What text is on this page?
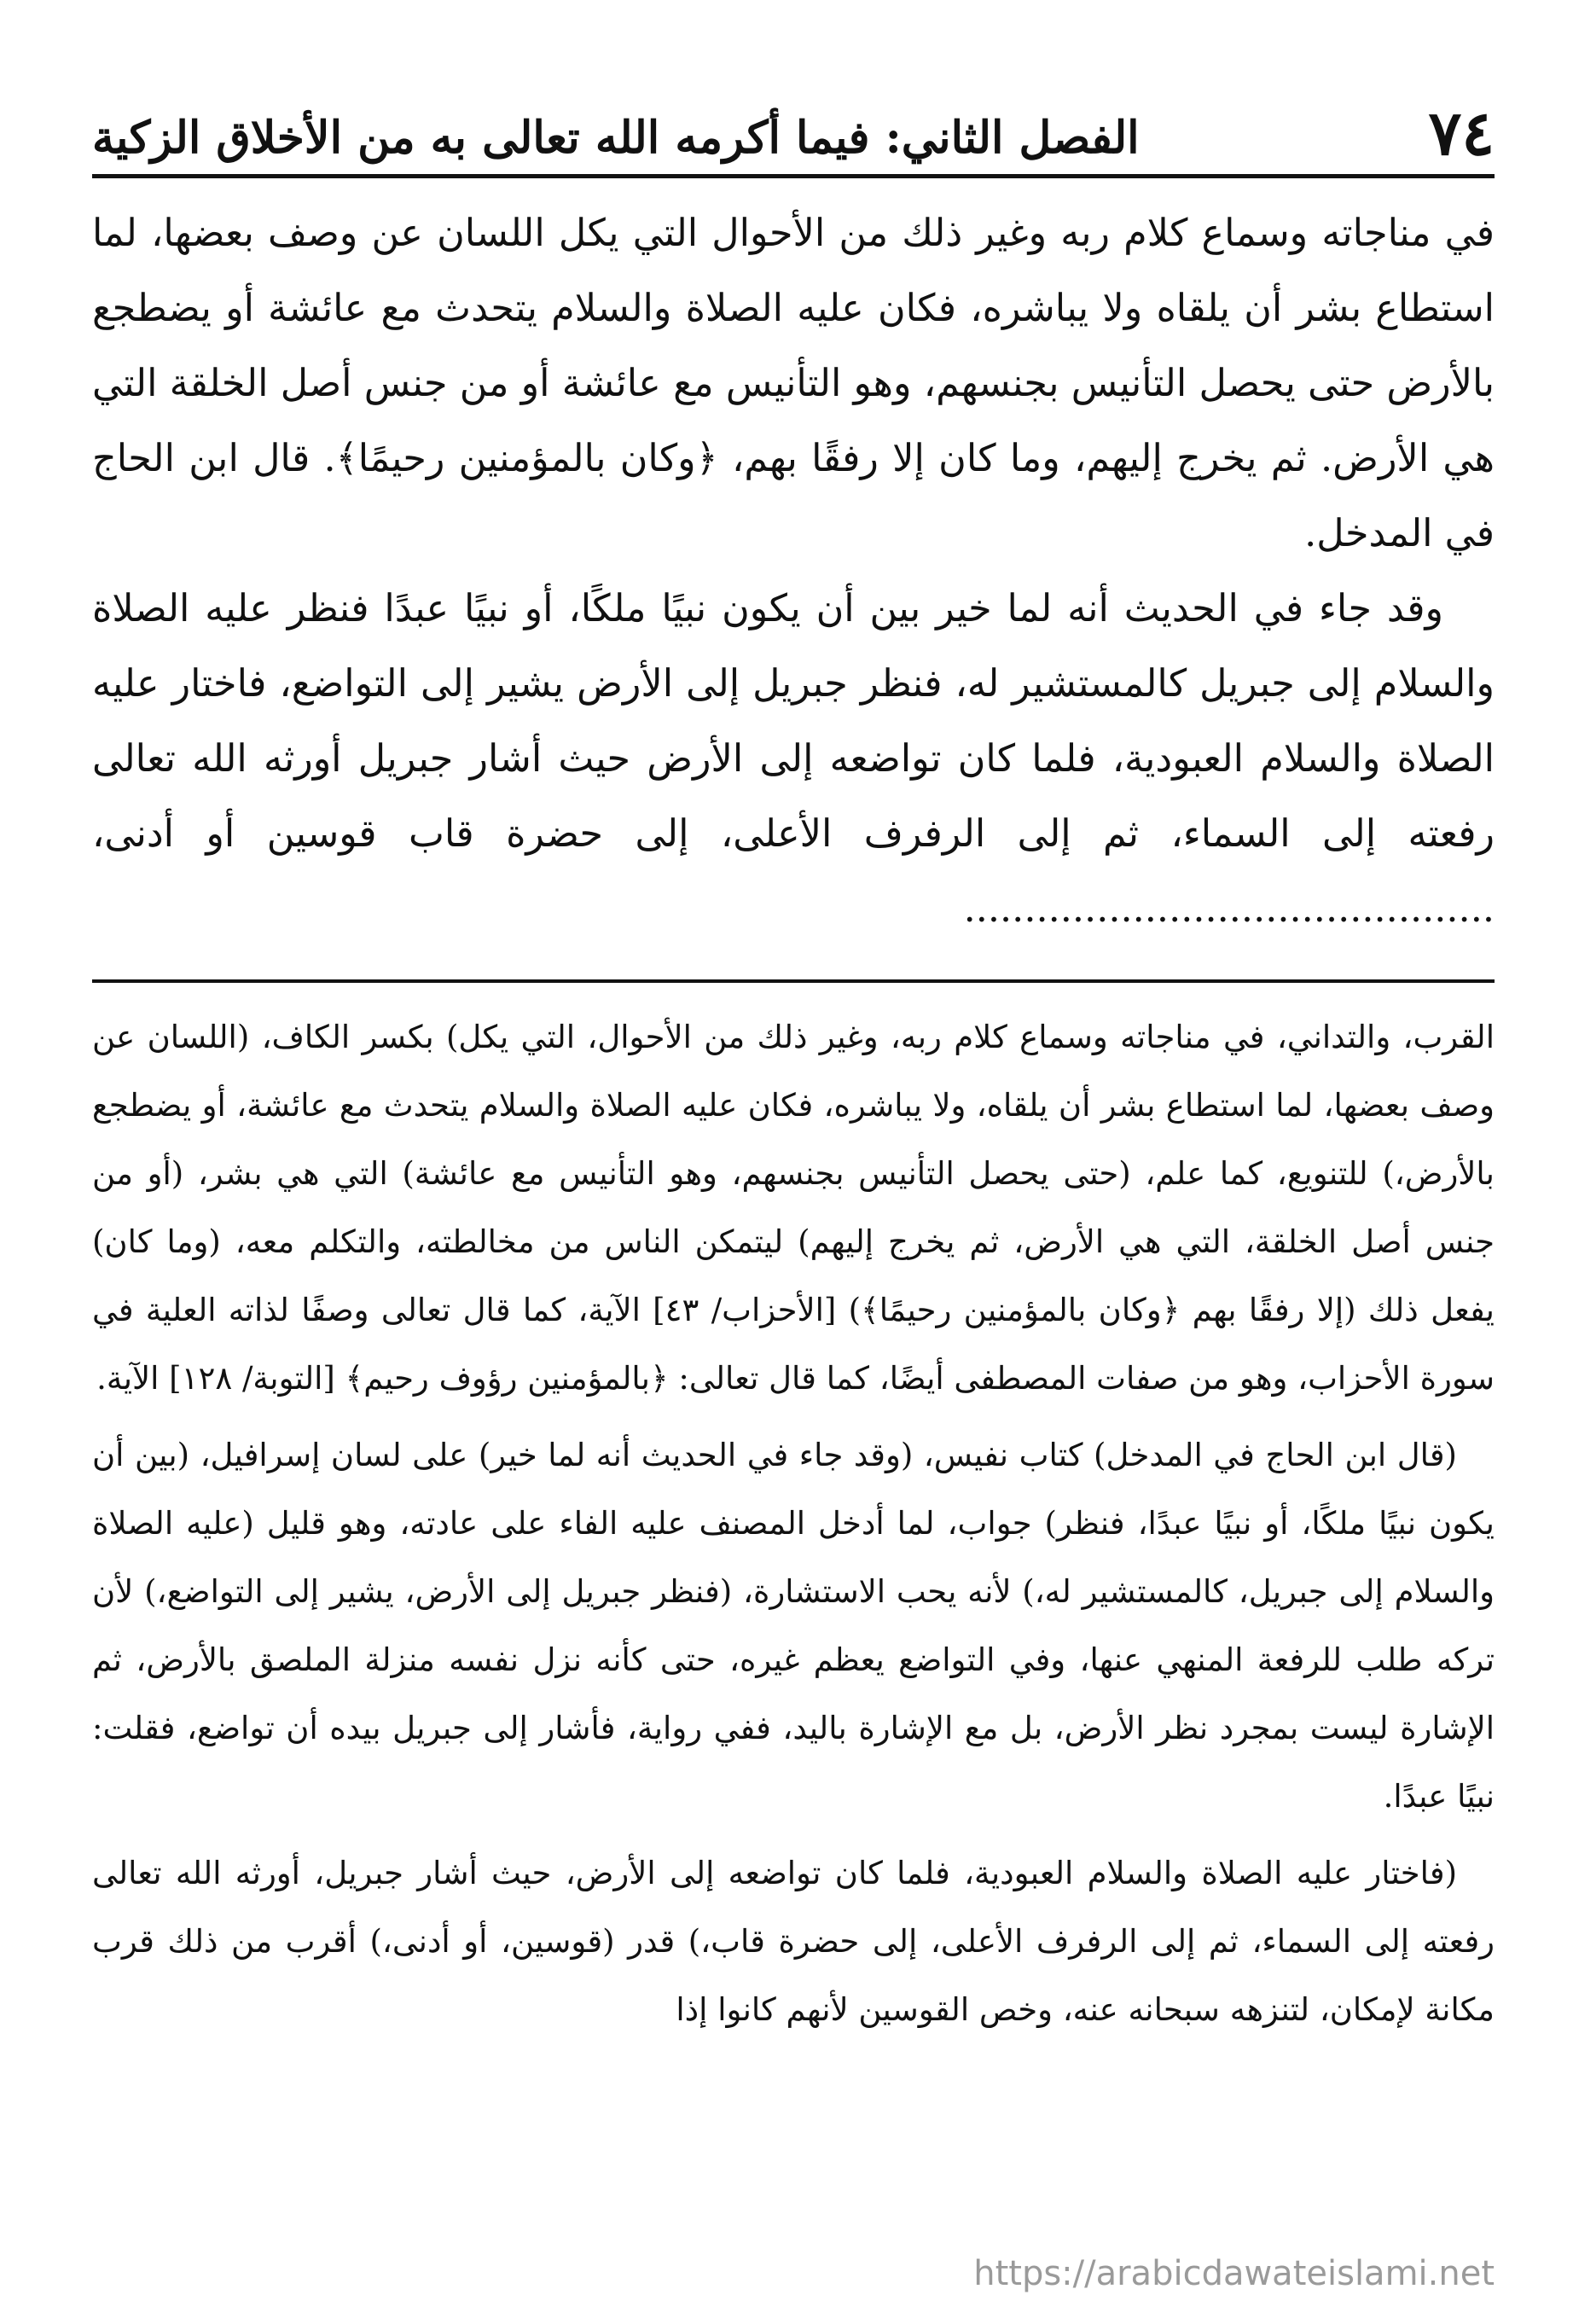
٧٤
الفصل الثاني: فيما أكرمه الله تعالى به من الأخلاق الزكية

في مناجاته وسماع كلام ربه وغير ذلك من الأحوال التي يكل اللسان عن وصف بعضها، لما استطاع بشر أن يلقاه ولا يباشره، فكان عليه الصلاة والسلام يتحدث مع عائشة أو يضطجع بالأرض حتى يحصل التأنيس بجنسهم، وهو التأنيس مع عائشة أو من جنس أصل الخلقة التي هي الأرض. ثم يخرج إليهم، وما كان إلا رفقًا بهم، ﴿وكان بالمؤمنين رحيمًا﴾. قال ابن الحاج في المدخل.

وقد جاء في الحديث أنه لما خير بين أن يكون نبيًا ملكًا، أو نبيًا عبدًا فنظر عليه الصلاة والسلام إلى جبريل كالمستشير له، فنظر جبريل إلى الأرض يشير إلى التواضع، فاختار عليه الصلاة والسلام العبودية، فلما كان تواضعه إلى الأرض حيث أشار جبريل أورثه الله تعالى رفعته إلى السماء، ثم إلى الرفرف الأعلى، إلى حضرة قاب قوسين أو أدنى، ............................................

القرب، والتداني، في مناجاته وسماع كلام ربه، وغير ذلك من الأحوال، التي يكل) بكسر الكاف، (اللسان عن وصف بعضها، لما استطاع بشر أن يلقاه، ولا يباشره، فكان عليه الصلاة والسلام يتحدث مع عائشة، أو يضطجع بالأرض،) للتنويع، كما علم، (حتى يحصل التأنيس بجنسهم، وهو التأنيس مع عائشة) التي هي بشر، (أو من جنس أصل الخلقة، التي هي الأرض، ثم يخرج إليهم) ليتمكن الناس من مخالطته، والتكلم معه، (وما كان) يفعل ذلك (إلا رفقًا بهم ﴿وكان بالمؤمنين رحيمًا﴾) [الأحزاب/ ٤٣] الآية، كما قال تعالى وصفًا لذاته العلية في سورة الأحزاب، وهو من صفات المصطفى أيضًا، كما قال تعالى: ﴿بالمؤمنين رؤوف رحيم﴾ [التوبة/ ١٢٨] الآية.

(قال ابن الحاج في المدخل) كتاب نفيس، (وقد جاء في الحديث أنه لما خير) على لسان إسرافيل، (بين أن يكون نبيًا ملكًا، أو نبيًا عبدًا، فنظر) جواب، لما أدخل المصنف عليه الفاء على عادته، وهو قليل (عليه الصلاة والسلام إلى جبريل، كالمستشير له،) لأنه يحب الاستشارة، (فنظر جبريل إلى الأرض، يشير إلى التواضع،) لأن تركه طلب للرفعة المنهي عنها، وفي التواضع يعظم غيره، حتى كأنه نزل نفسه منزلة الملصق بالأرض، ثم الإشارة ليست بمجرد نظر الأرض، بل مع الإشارة باليد، ففي رواية، فأشار إلى جبريل بيده أن تواضع، فقلت: نبيًا عبدًا.

(فاختار عليه الصلاة والسلام العبودية، فلما كان تواضعه إلى الأرض، حيث أشار جبريل، أورثه الله تعالى رفعته إلى السماء، ثم إلى الرفرف الأعلى، إلى حضرة قاب،) قدر (قوسين، أو أدنى،) أقرب من ذلك قرب مكانة لإمكان، لتنزهه سبحانه عنه، وخص القوسين لأنهم كانوا إذا

https://arabicdawateislami.net
